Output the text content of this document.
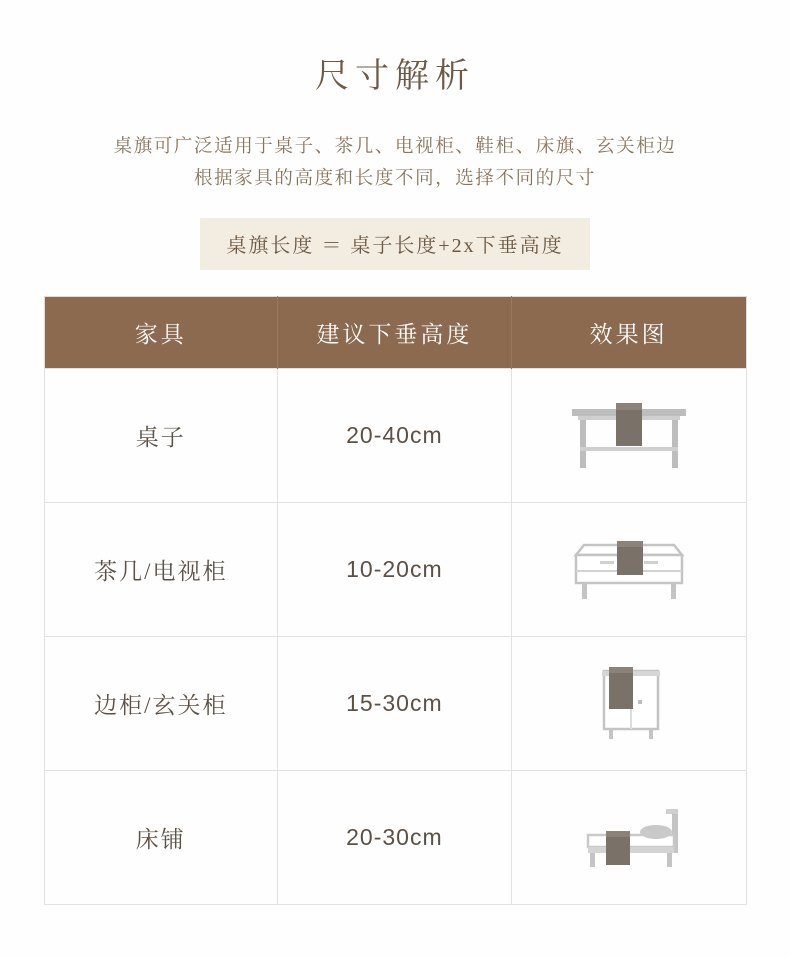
尺寸解析
桌旗可广泛适用于桌子、茶几、电视柜、鞋柜、床旗、玄关柜边
根据家具的高度和长度不同，选择不同的尺寸
桌旗长度 ＝ 桌子长度+2x下垂高度
家具	建议下垂高度	效果图
桌子	20-40cm	

茶几/电视柜	10-20cm	

边柜/玄关柜	15-30cm	

床铺	20-30cm	
